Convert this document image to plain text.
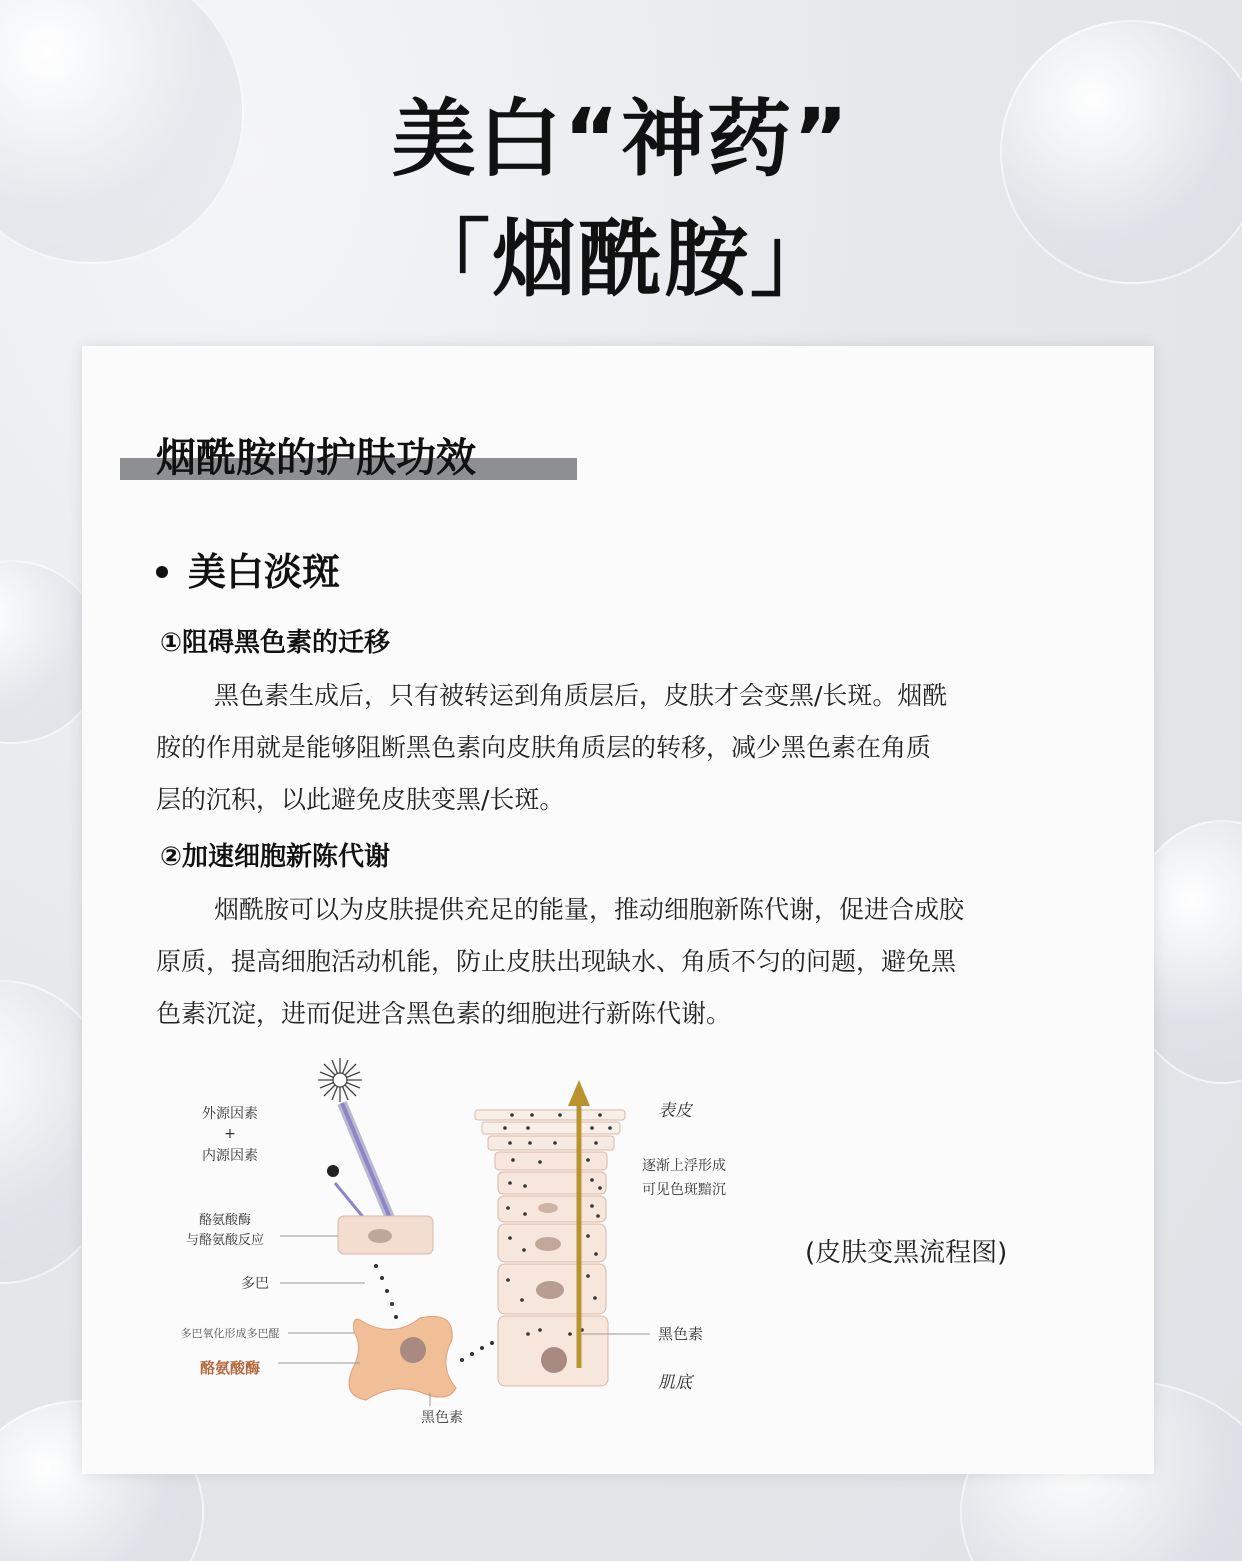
美白“神药”
「烟酰胺」
烟酰胺的护肤功效
美白淡斑
①阻碍黑色素的迁移
黑色素生成后，只有被转运到角质层后，皮肤才会变黑/长斑。烟酰
胺的作用就是能够阻断黑色素向皮肤角质层的转移，减少黑色素在角质
层的沉积，以此避免皮肤变黑/长斑。
②加速细胞新陈代谢
烟酰胺可以为皮肤提供充足的能量，推动细胞新陈代谢，促进合成胶
原质，提高细胞活动机能，防止皮肤出现缺水、角质不匀的问题，避免黑
色素沉淀，进而促进含黑色素的细胞进行新陈代谢。
外源因素
+
内源因素
酪氨酸酶
与酪氨酸反应
多巴
多巴氧化形成多巴醌
酪氨酸酶
黑色素
表皮
逐渐上浮形成
可见色斑黯沉
黑色素
肌底
(皮肤变黑流程图)
